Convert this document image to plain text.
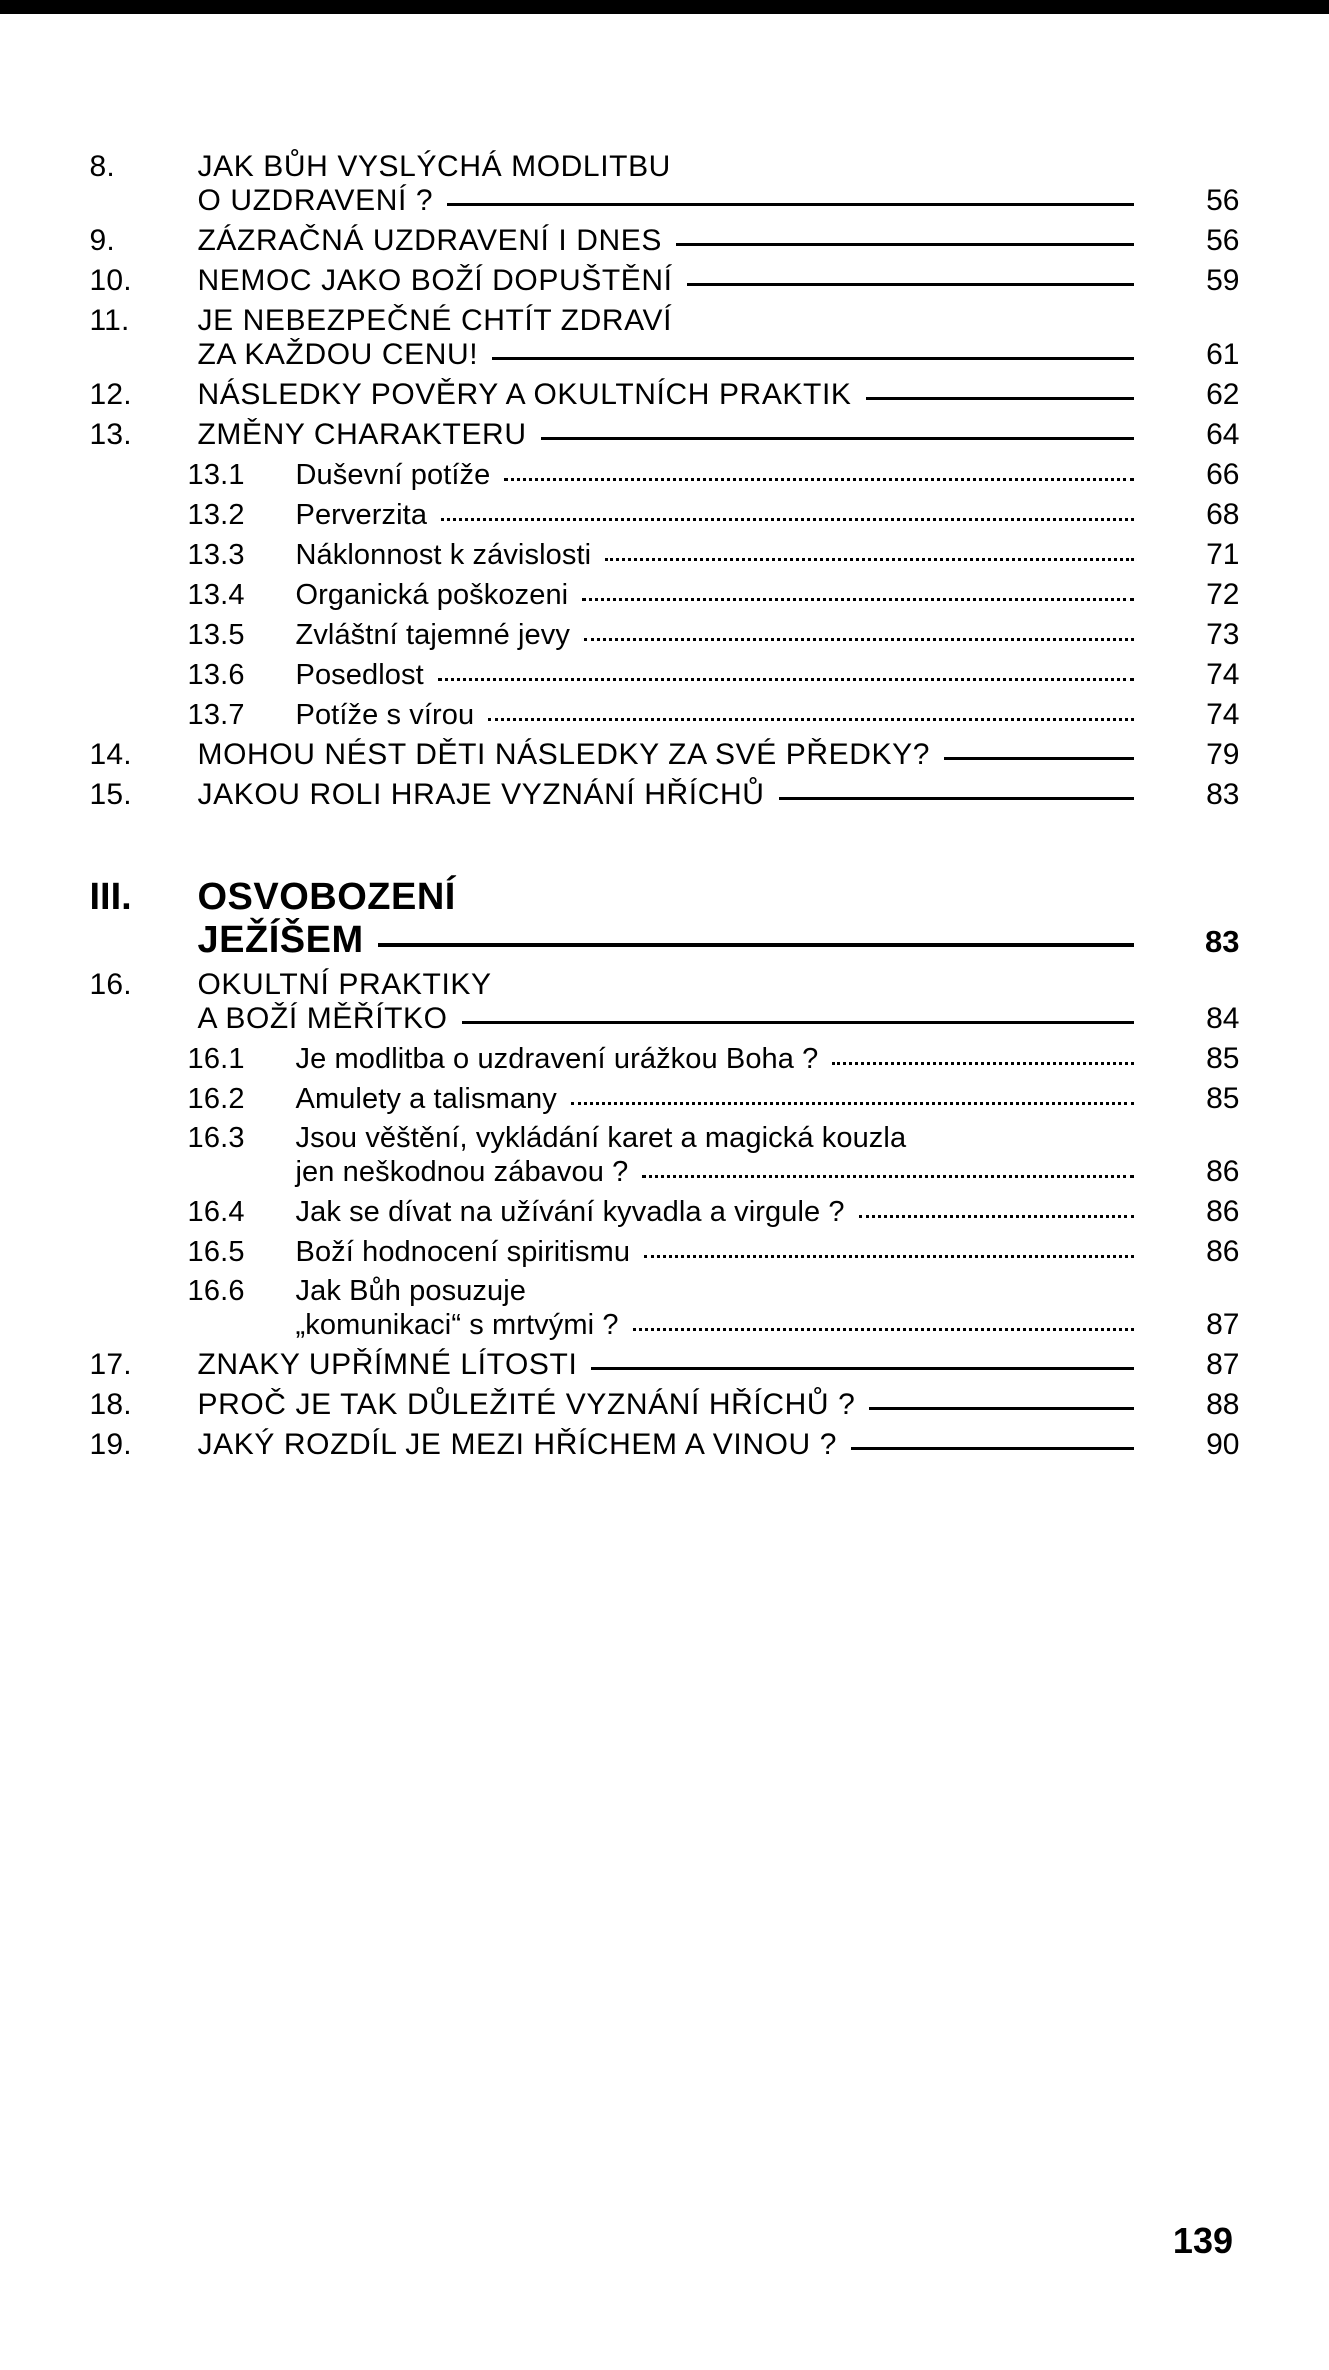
8.	JAK BŮH VYSLÝCHÁ MODLITBU
O UZDRAVENÍ ?	56
9.	ZÁZRAČNÁ UZDRAVENÍ I DNES	56
10.	NEMOC JAKO BOŽÍ DOPUŠTĚNÍ	59
11.	JE NEBEZPEČNÉ CHTÍT ZDRAVÍ
ZA KAŽDOU CENU!	61
12.	NÁSLEDKY POVĚRY A OKULTNÍCH PRAKTIK	62
13.	ZMĚNY CHARAKTERU	64
13.1	Duševní potíže	66
13.2	Perverzita	68
13.3	Náklonnost k závislosti	71
13.4	Organická poškozeni	72
13.5	Zvláštní tajemné jevy	73
13.6	Posedlost	74
13.7	Potíže s vírou	74
14.	MOHOU NÉST DĚTI NÁSLEDKY ZA SVÉ PŘEDKY?	79
15.	JAKOU ROLI HRAJE VYZNÁNÍ HŘÍCHŮ	83
III.	OSVOBOZENÍ
JEŽÍŠEM	83
16.	OKULTNÍ PRAKTIKY
A BOŽÍ MĚŘÍTKO	84
16.1	Je modlitba o uzdravení urážkou Boha ?	85
16.2	Amulety a talismany	85
16.3	Jsou věštění, vykládání karet a magická kouzla
jen neškodnou zábavou ?	86
16.4	Jak se dívat na užívání kyvadla a virgule ?	86
16.5	Boží hodnocení spiritismu	86
16.6	Jak Bůh posuzuje
„komunikaci“ s mrtvými ?	87
17.	ZNAKY UPŘÍMNÉ LÍTOSTI	87
18.	PROČ JE TAK DŮLEŽITÉ VYZNÁNÍ HŘÍCHŮ ?	88
19.	JAKÝ ROZDÍL JE MEZI HŘÍCHEM A VINOU ?	90
139
